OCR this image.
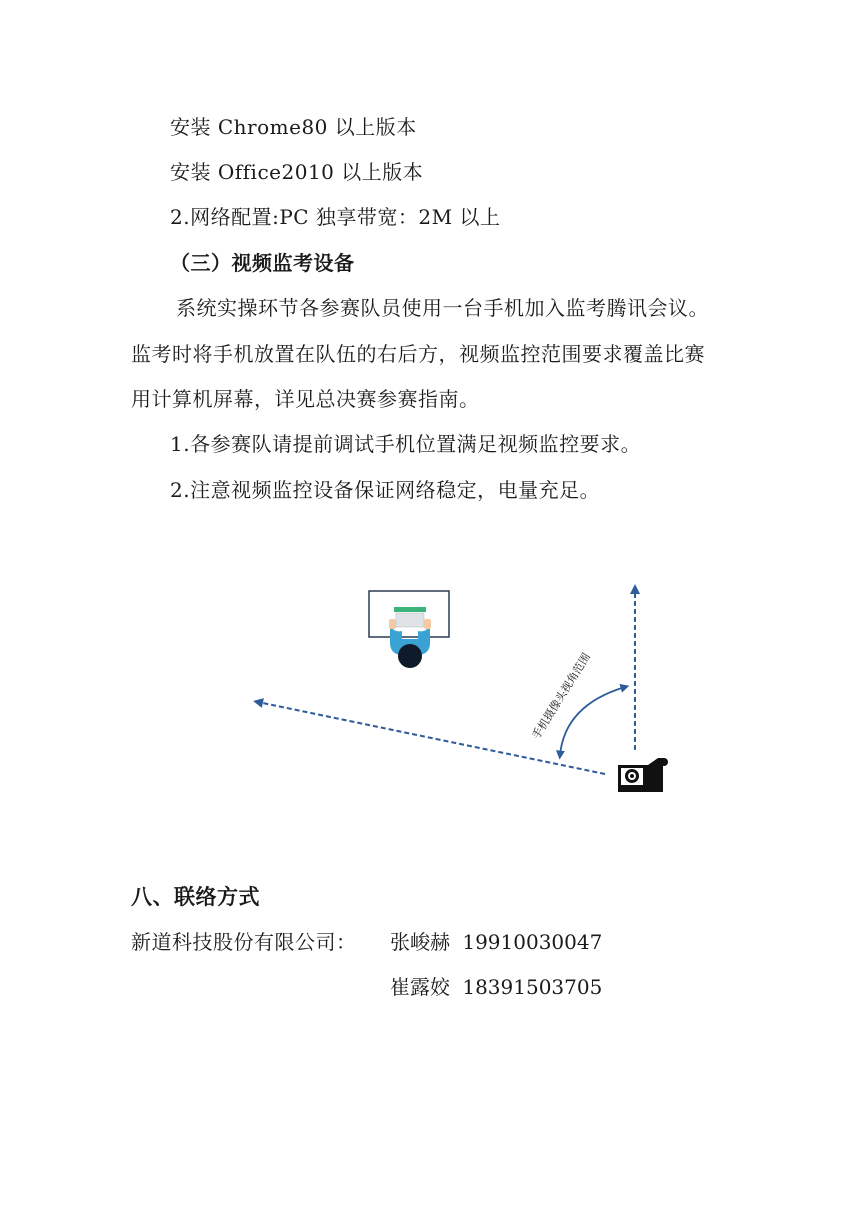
安装 Chrome80 以上版本
安装 Office2010 以上版本
2.网络配置:PC 独享带宽：2M 以上
（三）视频监考设备
系统实操环节各参赛队员使用一台手机加入监考腾讯会议。
监考时将手机放置在队伍的右后方，视频监控范围要求覆盖比赛
用计算机屏幕，详见总决赛参赛指南。
1.各参赛队请提前调试手机位置满足视频监控要求。
2.注意视频监控设备保证网络稳定，电量充足。
手机摄像头视角范围
八、联络方式
新道科技股份有限公司： 张峻赫 19910030047
崔露姣 18391503705
